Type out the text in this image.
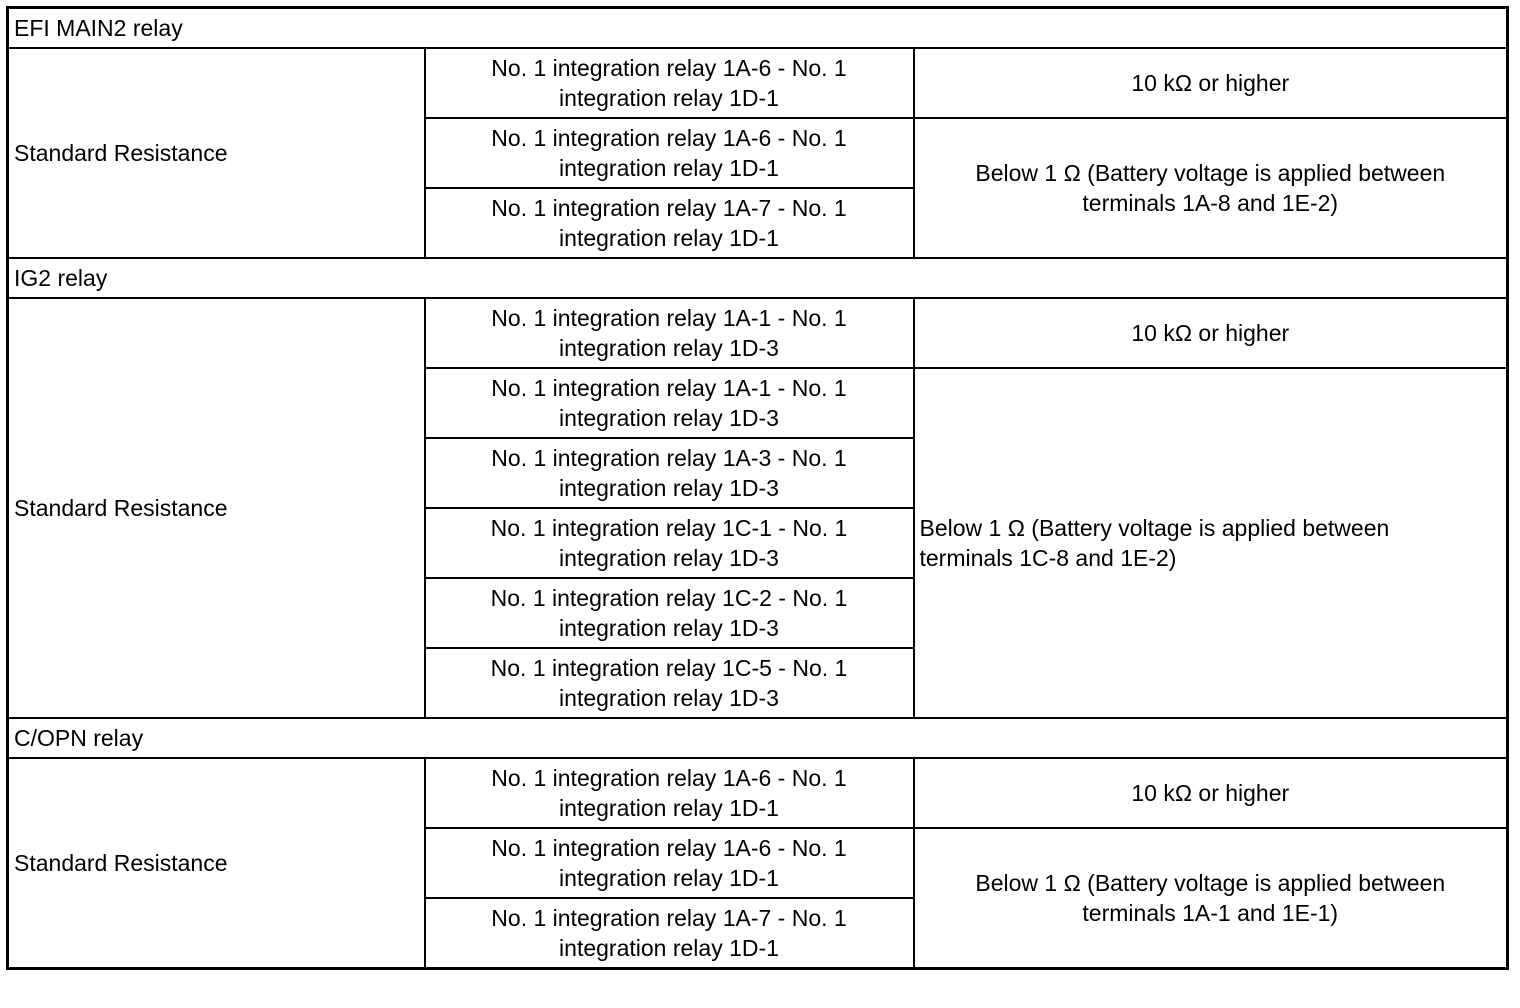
EFI MAIN2 relay		
Standard Resistance	No. 1 integration relay 1A-6 - No. 1
integration relay 1D-1	10 kΩ or higher
	No. 1 integration relay 1A-6 - No. 1
integration relay 1D-1	Below 1 Ω (Battery voltage is applied between
terminals 1A-8 and 1E-2)
	No. 1 integration relay 1A-7 - No. 1
integration relay 1D-1	
IG2 relay		
Standard Resistance	No. 1 integration relay 1A-1 - No. 1
integration relay 1D-3	10 kΩ or higher
	No. 1 integration relay 1A-1 - No. 1
integration relay 1D-3	Below 1 Ω (Battery voltage is applied between
terminals 1C-8 and 1E-2)
	No. 1 integration relay 1A-3 - No. 1
integration relay 1D-3	
	No. 1 integration relay 1C-1 - No. 1
integration relay 1D-3	
	No. 1 integration relay 1C-2 - No. 1
integration relay 1D-3	
	No. 1 integration relay 1C-5 - No. 1
integration relay 1D-3	
C/OPN relay		
Standard Resistance	No. 1 integration relay 1A-6 - No. 1
integration relay 1D-1	10 kΩ or higher
	No. 1 integration relay 1A-6 - No. 1
integration relay 1D-1	Below 1 Ω (Battery voltage is applied between
terminals 1A-1 and 1E-1)
	No. 1 integration relay 1A-7 - No. 1
integration relay 1D-1	
